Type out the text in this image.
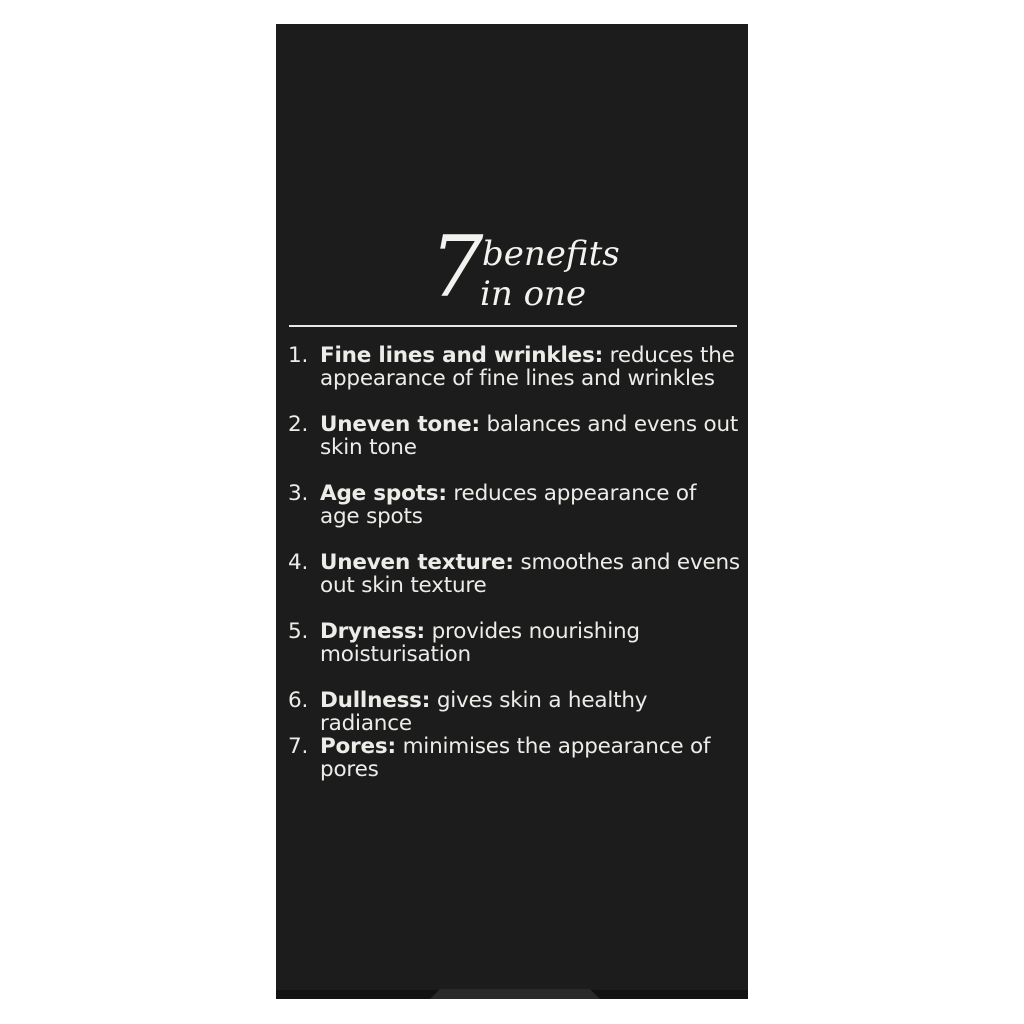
7
benefits
in one
1. Fine lines and wrinkles: reduces the appearance of fine lines and wrinkles
2. Uneven tone: balances and evens out skin tone
3. Age spots: reduces appearance of age spots
4. Uneven texture: smoothes and evens out skin texture
5. Dryness: provides nourishing moisturisation
6. Dullness: gives skin a healthy radiance
7. Pores: minimises the appearance of pores
